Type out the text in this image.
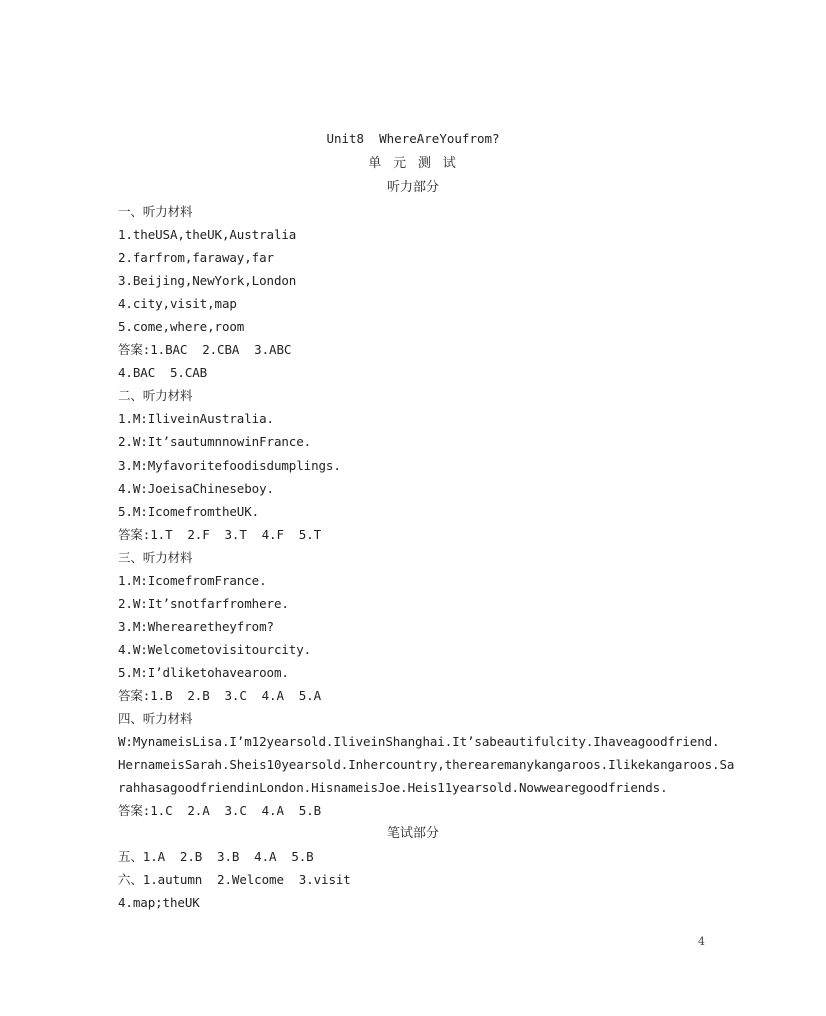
Unit8  WhereAreYoufrom?
单 元 测 试
听力部分
一、听力材料
1.theUSA,theUK,Australia
2.farfrom,faraway,far
3.Beijing,NewYork,London
4.city,visit,map
5.come,where,room
答案:1.BAC  2.CBA  3.ABC
4.BAC  5.CAB
二、听力材料
1.M:IliveinAustralia.
2.W:It’sautumnnowinFrance.
3.M:Myfavoritefoodisdumplings.
4.W:JoeisaChineseboy.
5.M:IcomefromtheUK.
答案:1.T  2.F  3.T  4.F  5.T
三、听力材料
1.M:IcomefromFrance.
2.W:It’snotfarfromhere.
3.M:Wherearetheyfrom?
4.W:Welcometovisitourcity.
5.M:I’dliketohavearoom.
答案:1.B  2.B  3.C  4.A  5.A
四、听力材料
W:MynameisLisa.I’m12yearsold.IliveinShanghai.It’sabeautifulcity.Ihaveagoodfriend.
HernameisSarah.Sheis10yearsold.Inhercountry,therearemanykangaroos.Ilikekangaroos.Sa
rahhasagoodfriendinLondon.HisnameisJoe.Heis11yearsold.Nowwearegoodfriends.
答案:1.C  2.A  3.C  4.A  5.B
五、1.A  2.B  3.B  4.A  5.B
六、1.autumn  2.Welcome  3.visit
4.map;theUK
笔试部分
4
